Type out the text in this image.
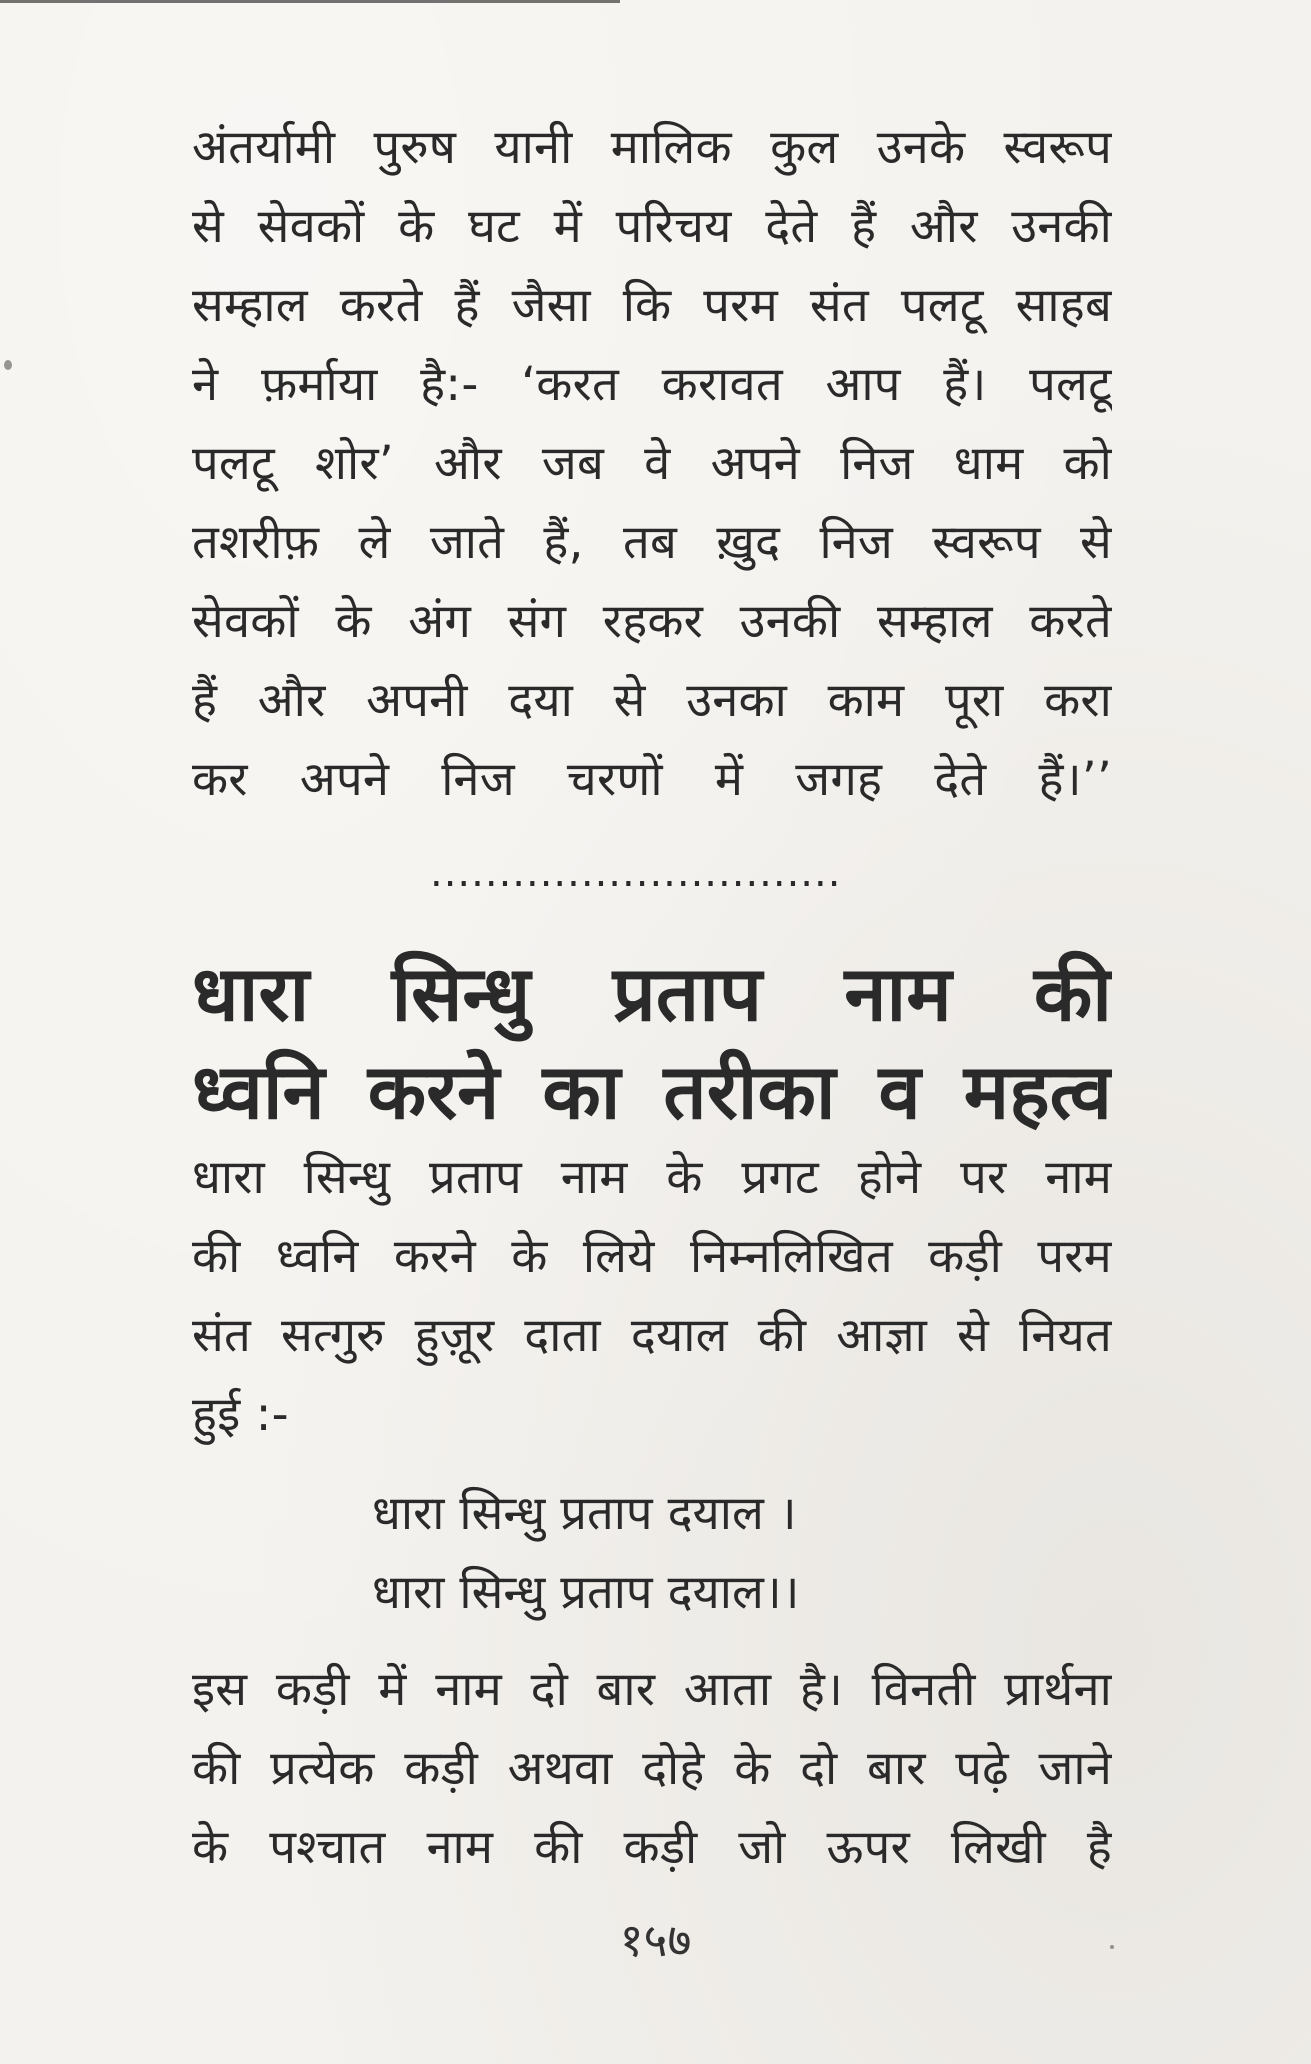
अंतर्यामी पुरुष यानी मालिक कुल उनके स्वरूप
से सेवकों के घट में परिचय देते हैं और उनकी
सम्हाल करते हैं जैसा कि परम संत पलटू साहब
ने फ़र्माया है:- ‘करत करावत आप हैं। पलटू
पलटू शोर’ और जब वे अपने निज धाम को
तशरीफ़ ले जाते हैं, तब ख़ुद निज स्वरूप से
सेवकों के अंग संग रहकर उनकी सम्हाल करते
हैं और अपनी दया से उनका काम पूरा करा
कर अपने निज चरणों में जगह देते हैं।’’
..............................
धारा सिन्धु प्रताप नाम की
ध्वनि करने का तरीका व महत्व
धारा सिन्धु प्रताप नाम के प्रगट होने पर नाम
की ध्वनि करने के लिये निम्नलिखित कड़ी परम
संत सत्गुरु हुज़ूर दाता दयाल की आज्ञा से नियत
हुई :-
धारा सिन्धु प्रताप दयाल ।
धारा सिन्धु प्रताप दयाल।।
इस कड़ी में नाम दो बार आता है। विनती प्रार्थना
की प्रत्येक कड़ी अथवा दोहे के दो बार पढ़े जाने
के पश्चात नाम की कड़ी जो ऊपर लिखी है
१५७
